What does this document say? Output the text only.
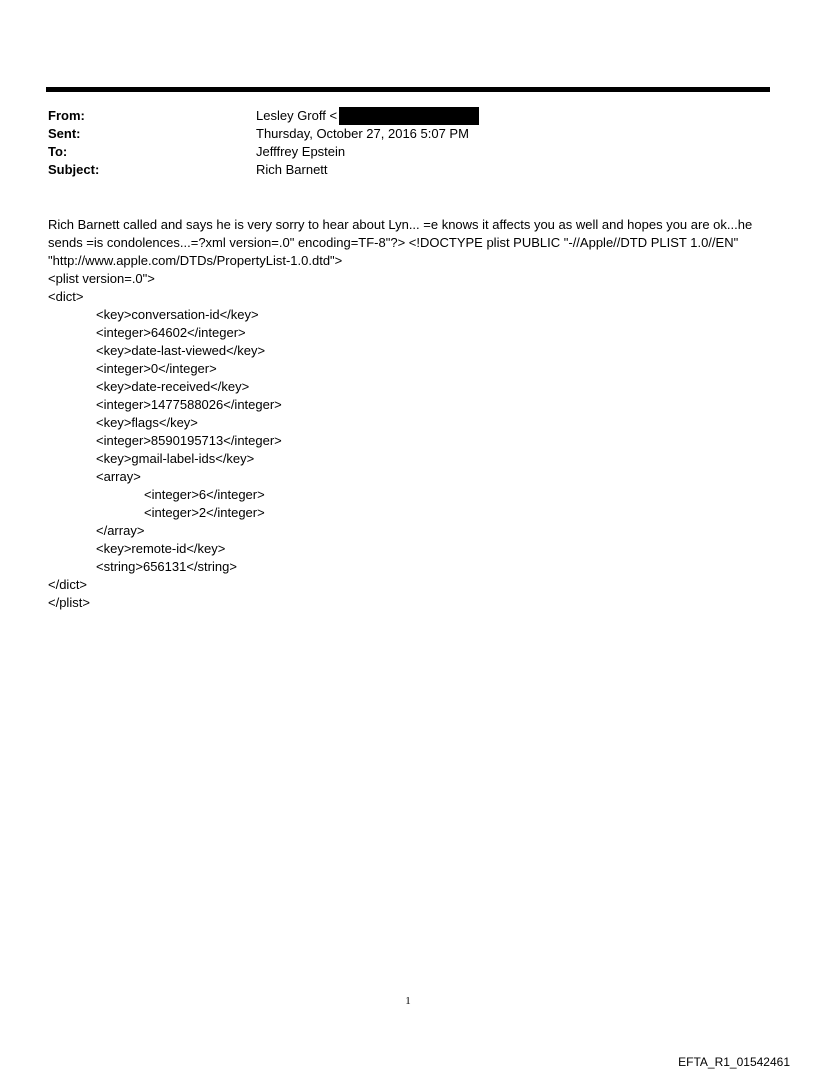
From:	Lesley Groff <
Sent:	Thursday, October 27, 2016 5:07 PM
To:	Jefffrey Epstein
Subject:	Rich Barnett

Rich Barnett called and says he is very sorry to hear about Lyn... =e knows it affects you as well and hopes you are ok...he sends =is condolences...=?xml version=.0" encoding=TF-8"?> <!DOCTYPE plist PUBLIC "-//Apple//DTD PLIST 1.0//EN" "http://www.apple.com/DTDs/PropertyList-1.0.dtd">

<plist version=.0">
<dict>
<key>conversation-id</key>
<integer>64602</integer>
<key>date-last-viewed</key>
<integer>0</integer>
<key>date-received</key>
<integer>1477588026</integer>
<key>flags</key>
<integer>8590195713</integer>
<key>gmail-label-ids</key>
<array>
<integer>6</integer>
<integer>2</integer>
</array>
<key>remote-id</key>
<string>656131</string>
</dict>
</plist>
1
EFTA_R1_01542461
